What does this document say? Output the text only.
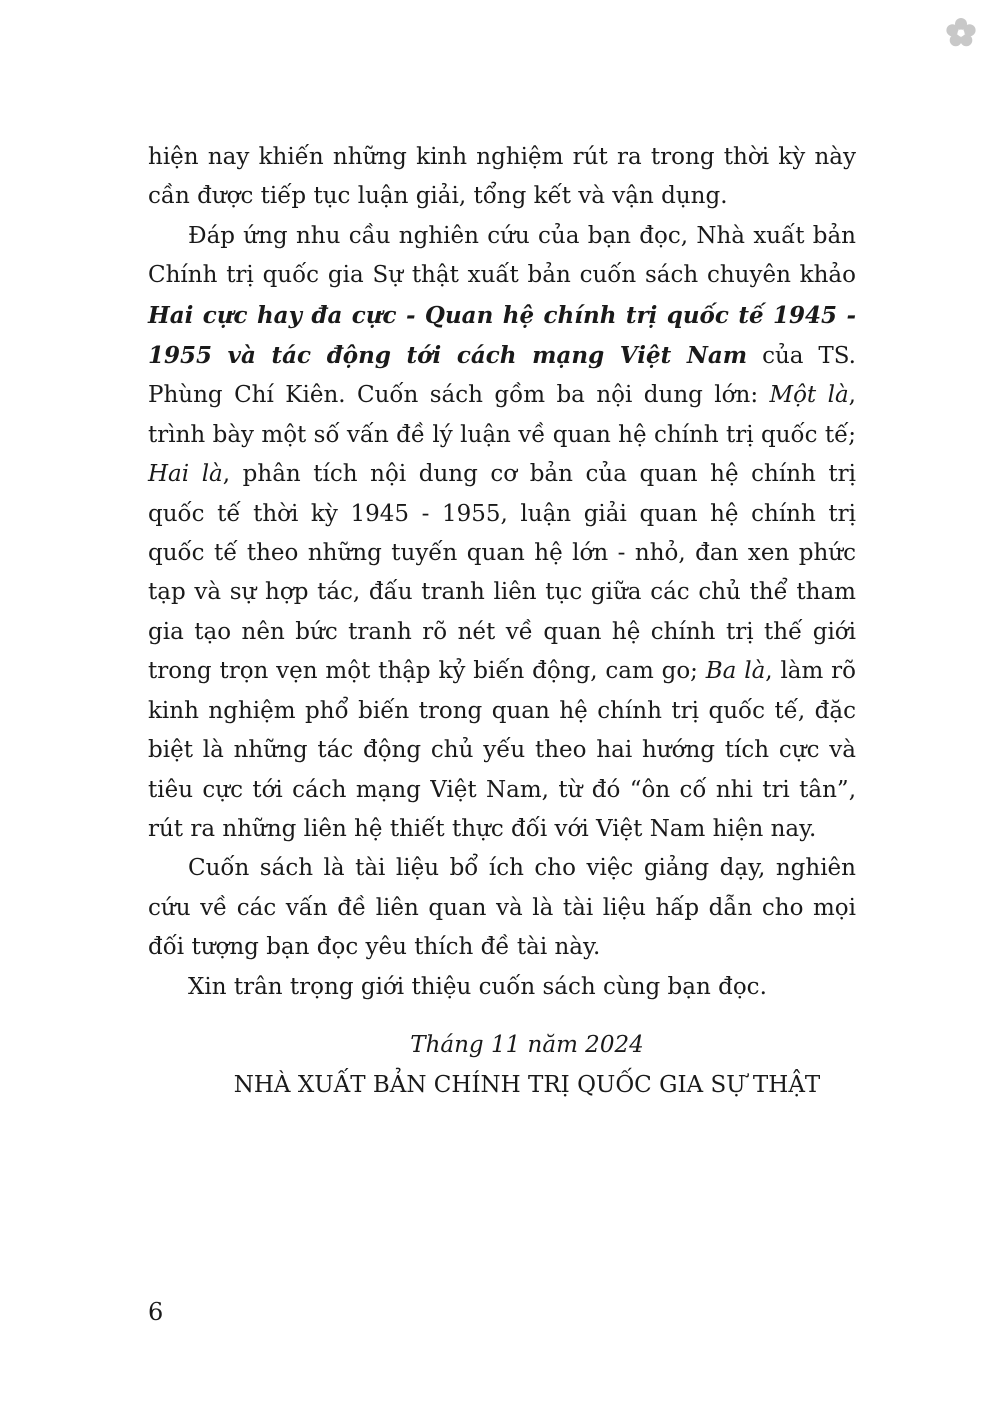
hiện nay khiến những kinh nghiệm rút ra trong thời kỳ này cần được tiếp tục luận giải, tổng kết và vận dụng.

Đáp ứng nhu cầu nghiên cứu của bạn đọc, Nhà xuất bản Chính trị quốc gia Sự thật xuất bản cuốn sách chuyên khảo Hai cực hay đa cực - Quan hệ chính trị quốc tế 1945 - 1955 và tác động tới cách mạng Việt Nam của TS. Phùng Chí Kiên. Cuốn sách gồm ba nội dung lớn: Một là, trình bày một số vấn đề lý luận về quan hệ chính trị quốc tế; Hai là, phân tích nội dung cơ bản của quan hệ chính trị quốc tế thời kỳ 1945 - 1955, luận giải quan hệ chính trị quốc tế theo những tuyến quan hệ lớn - nhỏ, đan xen phức tạp và sự hợp tác, đấu tranh liên tục giữa các chủ thể tham gia tạo nên bức tranh rõ nét về quan hệ chính trị thế giới trong trọn vẹn một thập kỷ biến động, cam go; Ba là, làm rõ kinh nghiệm phổ biến trong quan hệ chính trị quốc tế, đặc biệt là những tác động chủ yếu theo hai hướng tích cực và tiêu cực tới cách mạng Việt Nam, từ đó “ôn cố nhi tri tân”, rút ra những liên hệ thiết thực đối với Việt Nam hiện nay.

Cuốn sách là tài liệu bổ ích cho việc giảng dạy, nghiên cứu về các vấn đề liên quan và là tài liệu hấp dẫn cho mọi đối tượng bạn đọc yêu thích đề tài này.

Xin trân trọng giới thiệu cuốn sách cùng bạn đọc.

Tháng 11 năm 2024
NHÀ XUẤT BẢN CHÍNH TRỊ QUỐC GIA SỰ THẬT
6
